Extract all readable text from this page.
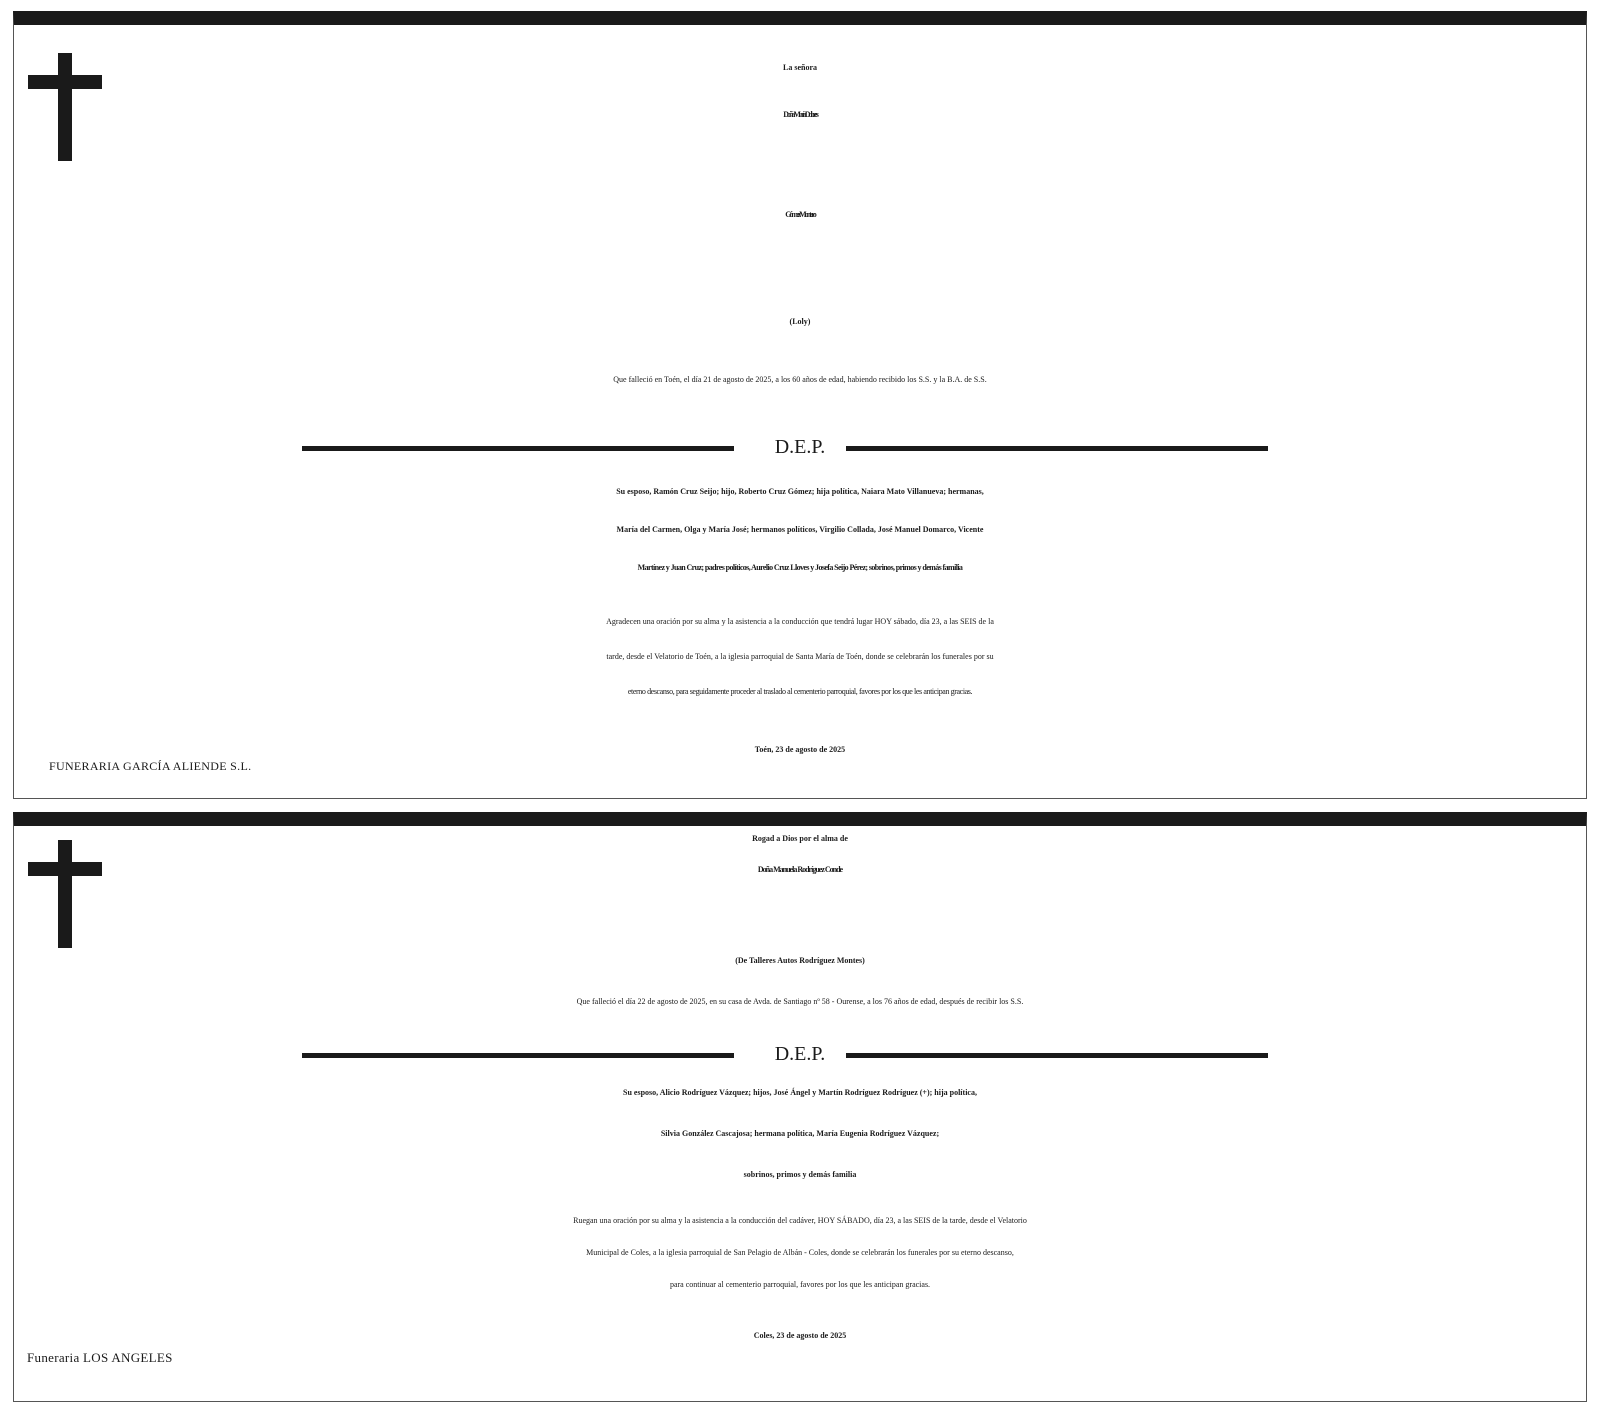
La señora
Doña María Dolores
Gómez Montero
(Loly)
Que falleció en Toén, el día 21 de agosto de 2025, a los 60 años de edad, habiendo recibido los S.S. y la B.A. de S.S.
D.E.P.
Su esposo, Ramón Cruz Seijo; hijo, Roberto Cruz Gómez; hija política, Naiara Mato Villanueva; hermanas,
María del Carmen, Olga y María José; hermanos políticos, Virgilio Collada, José Manuel Domarco, Vicente
Martínez y Juan Cruz; padres políticos, Aurelio Cruz Lloves y Josefa Seijo Pérez; sobrinos, primos y demás familia
Agradecen una oración por su alma y la asistencia a la conducción que tendrá lugar HOY sábado, día 23, a las SEIS de la
tarde, desde el Velatorio de Toén, a la iglesia parroquial de Santa María de Toén, donde se celebrarán los funerales por su
eterno descanso, para seguidamente proceder al traslado al cementerio parroquial, favores por los que les anticipan gracias.
FUNERARIA GARCÍA ALIENDE S.L.
Toén, 23 de agosto de 2025
Rogad a Dios por el alma de
Doña Manuela Rodríguez Conde
(De Talleres Autos Rodríguez Montes)
Que falleció el día 22 de agosto de 2025, en su casa de Avda. de Santiago nº 58 - Ourense, a los 76 años de edad, después de recibir los S.S.
D.E.P.
Su esposo, Alicio Rodríguez Vázquez; hijos, José Ángel y Martín Rodríguez Rodríguez (+); hija política,
Silvia González Cascajosa; hermana política, María Eugenia Rodríguez Vázquez;
sobrinos, primos y demás familia
Ruegan una oración por su alma y la asistencia a la conducción del cadáver, HOY SÁBADO, día 23, a las SEIS de la tarde, desde el Velatorio
Municipal de Coles, a la iglesia parroquial de San Pelagio de Albán - Coles, donde se celebrarán los funerales por su eterno descanso,
para continuar al cementerio parroquial, favores por los que les anticipan gracias.
Funeraria LOS ANGELES
Coles, 23 de agosto de 2025
